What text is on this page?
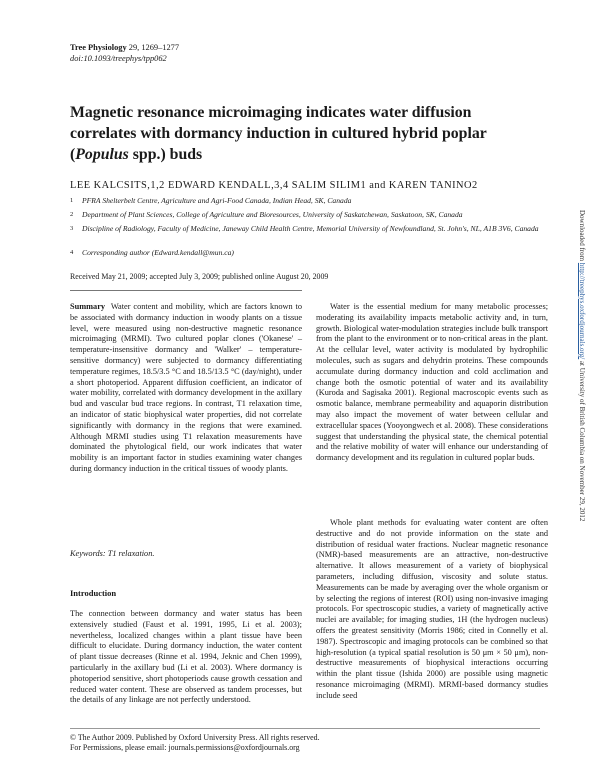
Tree Physiology 29, 1269–1277
doi:10.1093/treephys/tpp062
Magnetic resonance microimaging indicates water diffusion correlates with dormancy induction in cultured hybrid poplar (Populus spp.) buds
LEE KALCSITS,1,2 EDWARD KENDALL,3,4 SALIM SILIM1 and KAREN TANINO2
1	PFRA Shelterbelt Centre, Agriculture and Agri-Food Canada, Indian Head, SK, Canada
2	Department of Plant Sciences, College of Agriculture and Bioresources, University of Saskatchewan, Saskatoon, SK, Canada
3	Discipline of Radiology, Faculty of Medicine, Janeway Child Health Centre, Memorial University of Newfoundland, St. John's, NL, A1B 3V6, Canada
4	Corresponding author (Edward.kendall@mun.ca)
Received May 21, 2009; accepted July 3, 2009; published online August 20, 2009
Summary Water content and mobility, which are factors known to be associated with dormancy induction in woody plants on a tissue level, were measured using non-destructive magnetic resonance microimaging (MRMI). Two cultured poplar clones ('Okanese' – temperature-insensitive dormancy and 'Walker' – temperature-sensitive dormancy) were subjected to dormancy differentiating temperature regimes, 18.5/3.5 °C and 18.5/13.5 °C (day/night), under a short photoperiod. Apparent diffusion coefficient, an indicator of water mobility, correlated with dormancy development in the axillary bud and vascular bud trace regions. In contrast, T1 relaxation time, an indicator of static biophysical water properties, did not correlate significantly with dormancy in the regions that were examined. Although MRMI studies using T1 relaxation measurements have dominated the phytological field, our work indicates that water mobility is an important factor in studies examining water changes during dormancy induction in the critical tissues of woody plants.
Keywords: T1 relaxation.
Introduction
The connection between dormancy and water status has been extensively studied (Faust et al. 1991, 1995, Li et al. 2003); nevertheless, localized changes within a plant tissue have been difficult to elucidate. During dormancy induction, the water content of plant tissue decreases (Rinne et al. 1994, Jeknic and Chen 1999), particularly in the axillary bud (Li et al. 2003). Where dormancy is photoperiod sensitive, short photoperiods cause growth cessation and reduced water content. These are observed as tandem processes, but the details of any linkage are not perfectly understood.
Water is the essential medium for many metabolic processes; moderating its availability impacts metabolic activity and, in turn, growth. Biological water-modulation strategies include bulk transport from the plant to the environment or to non-critical areas in the plant. At the cellular level, water activity is modulated by hydrophilic molecules, such as sugars and dehydrin proteins. These compounds accumulate during dormancy induction and cold acclimation and change both the osmotic potential of water and its availability (Kuroda and Sagisaka 2001). Regional macroscopic events such as osmotic balance, membrane permeability and aquaporin distribution may also impact the movement of water between cellular and extracellular spaces (Yooyongwech et al. 2008). These considerations suggest that understanding the physical state, the chemical potential and the relative mobility of water will enhance our understanding of dormancy development and its regulation in cultured poplar buds.
Whole plant methods for evaluating water content are often destructive and do not provide information on the state and distribution of residual water fractions. Nuclear magnetic resonance (NMR)-based measurements are an attractive, non-destructive alternative. It allows measurement of a variety of biophysical parameters, including diffusion, viscosity and solute status. Measurements can be made by averaging over the whole organism or by selecting the regions of interest (ROI) using non-invasive imaging protocols. For spectroscopic studies, a variety of magnetically active nuclei are available; for imaging studies, 1H (the hydrogen nucleus) offers the greatest sensitivity (Morris 1986; cited in Connelly et al. 1987). Spectroscopic and imaging protocols can be combined so that high-resolution (a typical spatial resolution is 50 μm × 50 μm), non-destructive measurements of biophysical interactions occurring within the plant tissue (Ishida 2000) are possible using magnetic resonance microimaging (MRMI). MRMI-based dormancy studies include seed
© The Author 2009. Published by Oxford University Press. All rights reserved.
For Permissions, please email: journals.permissions@oxfordjournals.org
Downloaded from http://treephys.oxfordjournals.org/ at University of British Columbia on November 29, 2012
